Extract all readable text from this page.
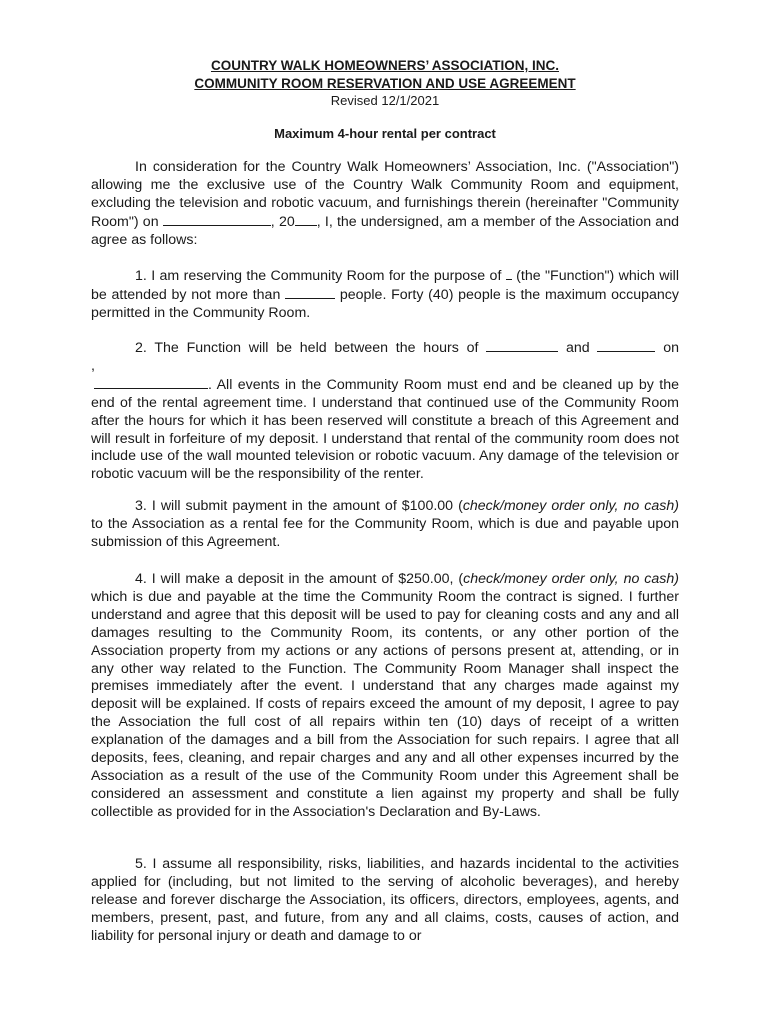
COUNTRY WALK HOMEOWNERS’ ASSOCIATION, INC.
COMMUNITY ROOM RESERVATION AND USE AGREEMENT
Revised 12/1/2021
Maximum 4-hour rental per contract
In consideration for the Country Walk Homeowners’ Association, Inc. ("Association") allowing me the exclusive use of the Country Walk Community Room and equipment, excluding the television and robotic vacuum, and furnishings therein (hereinafter "Community Room") on	, 20 , I, the undersigned, am a member of the Association and agree as follows:
1. I am reserving the Community Room for the purpose of (the "Function") which will be attended by not more than	people. Forty (40) people is the maximum occupancy permitted in the Community Room.
2. The Function will be held between the hours of	and	on
,
. All events in the Community Room must end and be cleaned up by the end of the rental agreement time. I understand that continued use of the Community Room after the hours for which it has been reserved will constitute a breach of this Agreement and will result in forfeiture of my deposit. I understand that rental of the community room does not include use of the wall mounted television or robotic vacuum. Any damage of the television or robotic vacuum will be the responsibility of the renter.
3. I will submit payment in the amount of $100.00 (check/money order only, no cash) to the Association as a rental fee for the Community Room, which is due and payable upon submission of this Agreement.
4. I will make a deposit in the amount of $250.00, (check/money order only, no cash) which is due and payable at the time the Community Room the contract is signed. I further understand and agree that this deposit will be used to pay for cleaning costs and any and all damages resulting to the Community Room, its contents, or any other portion of the Association property from my actions or any actions of persons present at, attending, or in any other way related to the Function. The Community Room Manager shall inspect the premises immediately after the event. I understand that any charges made against my deposit will be explained. If costs of repairs exceed the amount of my deposit, I agree to pay the Association the full cost of all repairs within ten (10) days of receipt of a written explanation of the damages and a bill from the Association for such repairs. I agree that all deposits, fees, cleaning, and repair charges and any and all other expenses incurred by the Association as a result of the use of the Community Room under this Agreement shall be considered an assessment and constitute a lien against my property and shall be fully collectible as provided for in the Association's Declaration and By-Laws.
5. I assume all responsibility, risks, liabilities, and hazards incidental to the activities applied for (including, but not limited to the serving of alcoholic beverages), and hereby release and forever discharge the Association, its officers, directors, employees, agents, and members, present, past, and future, from any and all claims, costs, causes of action, and liability for personal injury or death and damage to or
